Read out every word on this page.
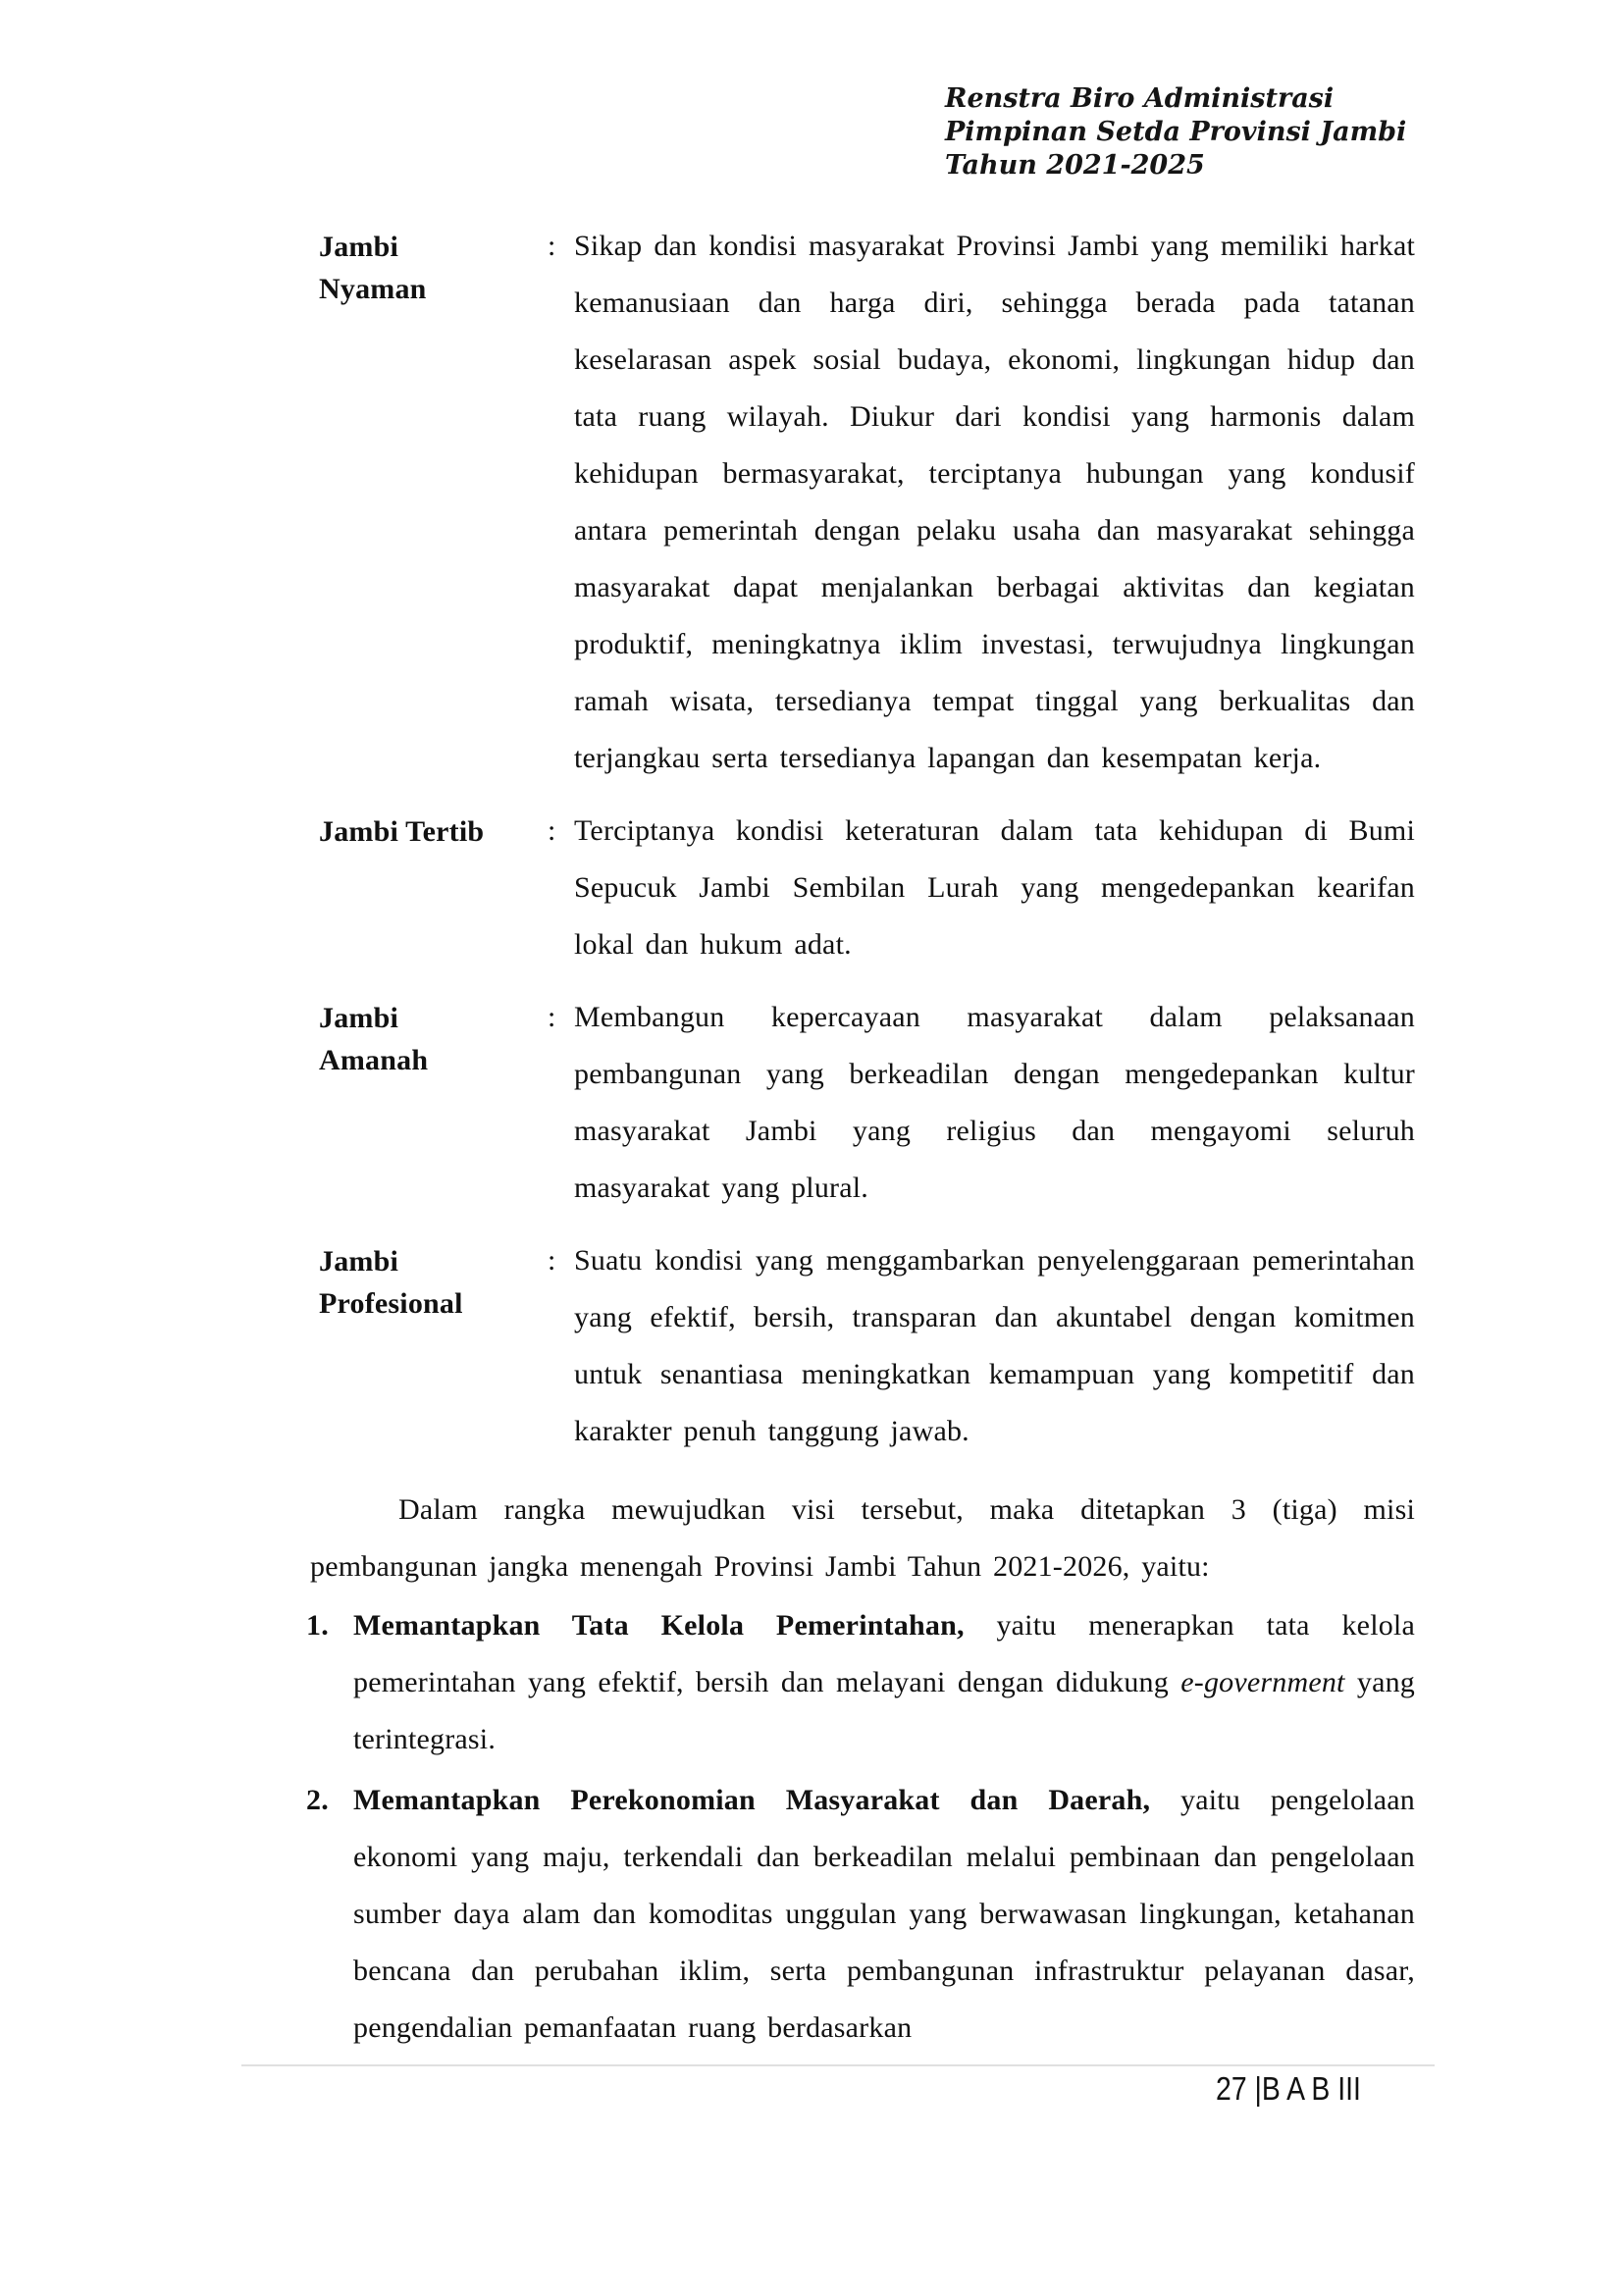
Renstra Biro Administrasi
Pimpinan Setda Provinsi Jambi
Tahun 2021-2025
Jambi
Nyaman
: Sikap dan kondisi masyarakat Provinsi Jambi yang memiliki harkat kemanusiaan dan harga diri, sehingga berada pada tatanan keselarasan aspek sosial budaya, ekonomi, lingkungan hidup dan tata ruang wilayah. Diukur dari kondisi yang harmonis dalam kehidupan bermasyarakat, terciptanya hubungan yang kondusif antara pemerintah dengan pelaku usaha dan masyarakat sehingga masyarakat dapat menjalankan berbagai aktivitas dan kegiatan produktif, meningkatnya iklim investasi, terwujudnya lingkungan ramah wisata, tersedianya tempat tinggal yang berkualitas dan terjangkau serta tersedianya lapangan dan kesempatan kerja.
Jambi Tertib	: Terciptanya kondisi keteraturan dalam tata kehidupan di Bumi Sepucuk Jambi Sembilan Lurah yang mengedepankan kearifan lokal dan hukum adat.
Jambi
Amanah
: Membangun kepercayaan masyarakat dalam pelaksanaan pembangunan yang berkeadilan dengan mengedepankan kultur masyarakat Jambi yang religius dan mengayomi seluruh masyarakat yang plural.
Jambi
Profesional
: Suatu kondisi yang menggambarkan penyelenggaraan pemerintahan yang efektif, bersih, transparan dan akuntabel dengan komitmen untuk senantiasa meningkatkan kemampuan yang kompetitif dan karakter penuh tanggung jawab.

Dalam rangka mewujudkan visi tersebut, maka ditetapkan 3 (tiga) misi pembangunan jangka menengah Provinsi Jambi Tahun 2021-2026, yaitu:

1. Memantapkan Tata Kelola Pemerintahan, yaitu menerapkan tata kelola pemerintahan yang efektif, bersih dan melayani dengan didukung e-government yang terintegrasi.
2. Memantapkan Perekonomian Masyarakat dan Daerah, yaitu pengelolaan ekonomi yang maju, terkendali dan berkeadilan melalui pembinaan dan pengelolaan sumber daya alam dan komoditas unggulan yang berwawasan lingkungan, ketahanan bencana dan perubahan iklim, serta pembangunan infrastruktur pelayanan dasar, pengendalian pemanfaatan ruang berdasarkan
27 |B A B III
